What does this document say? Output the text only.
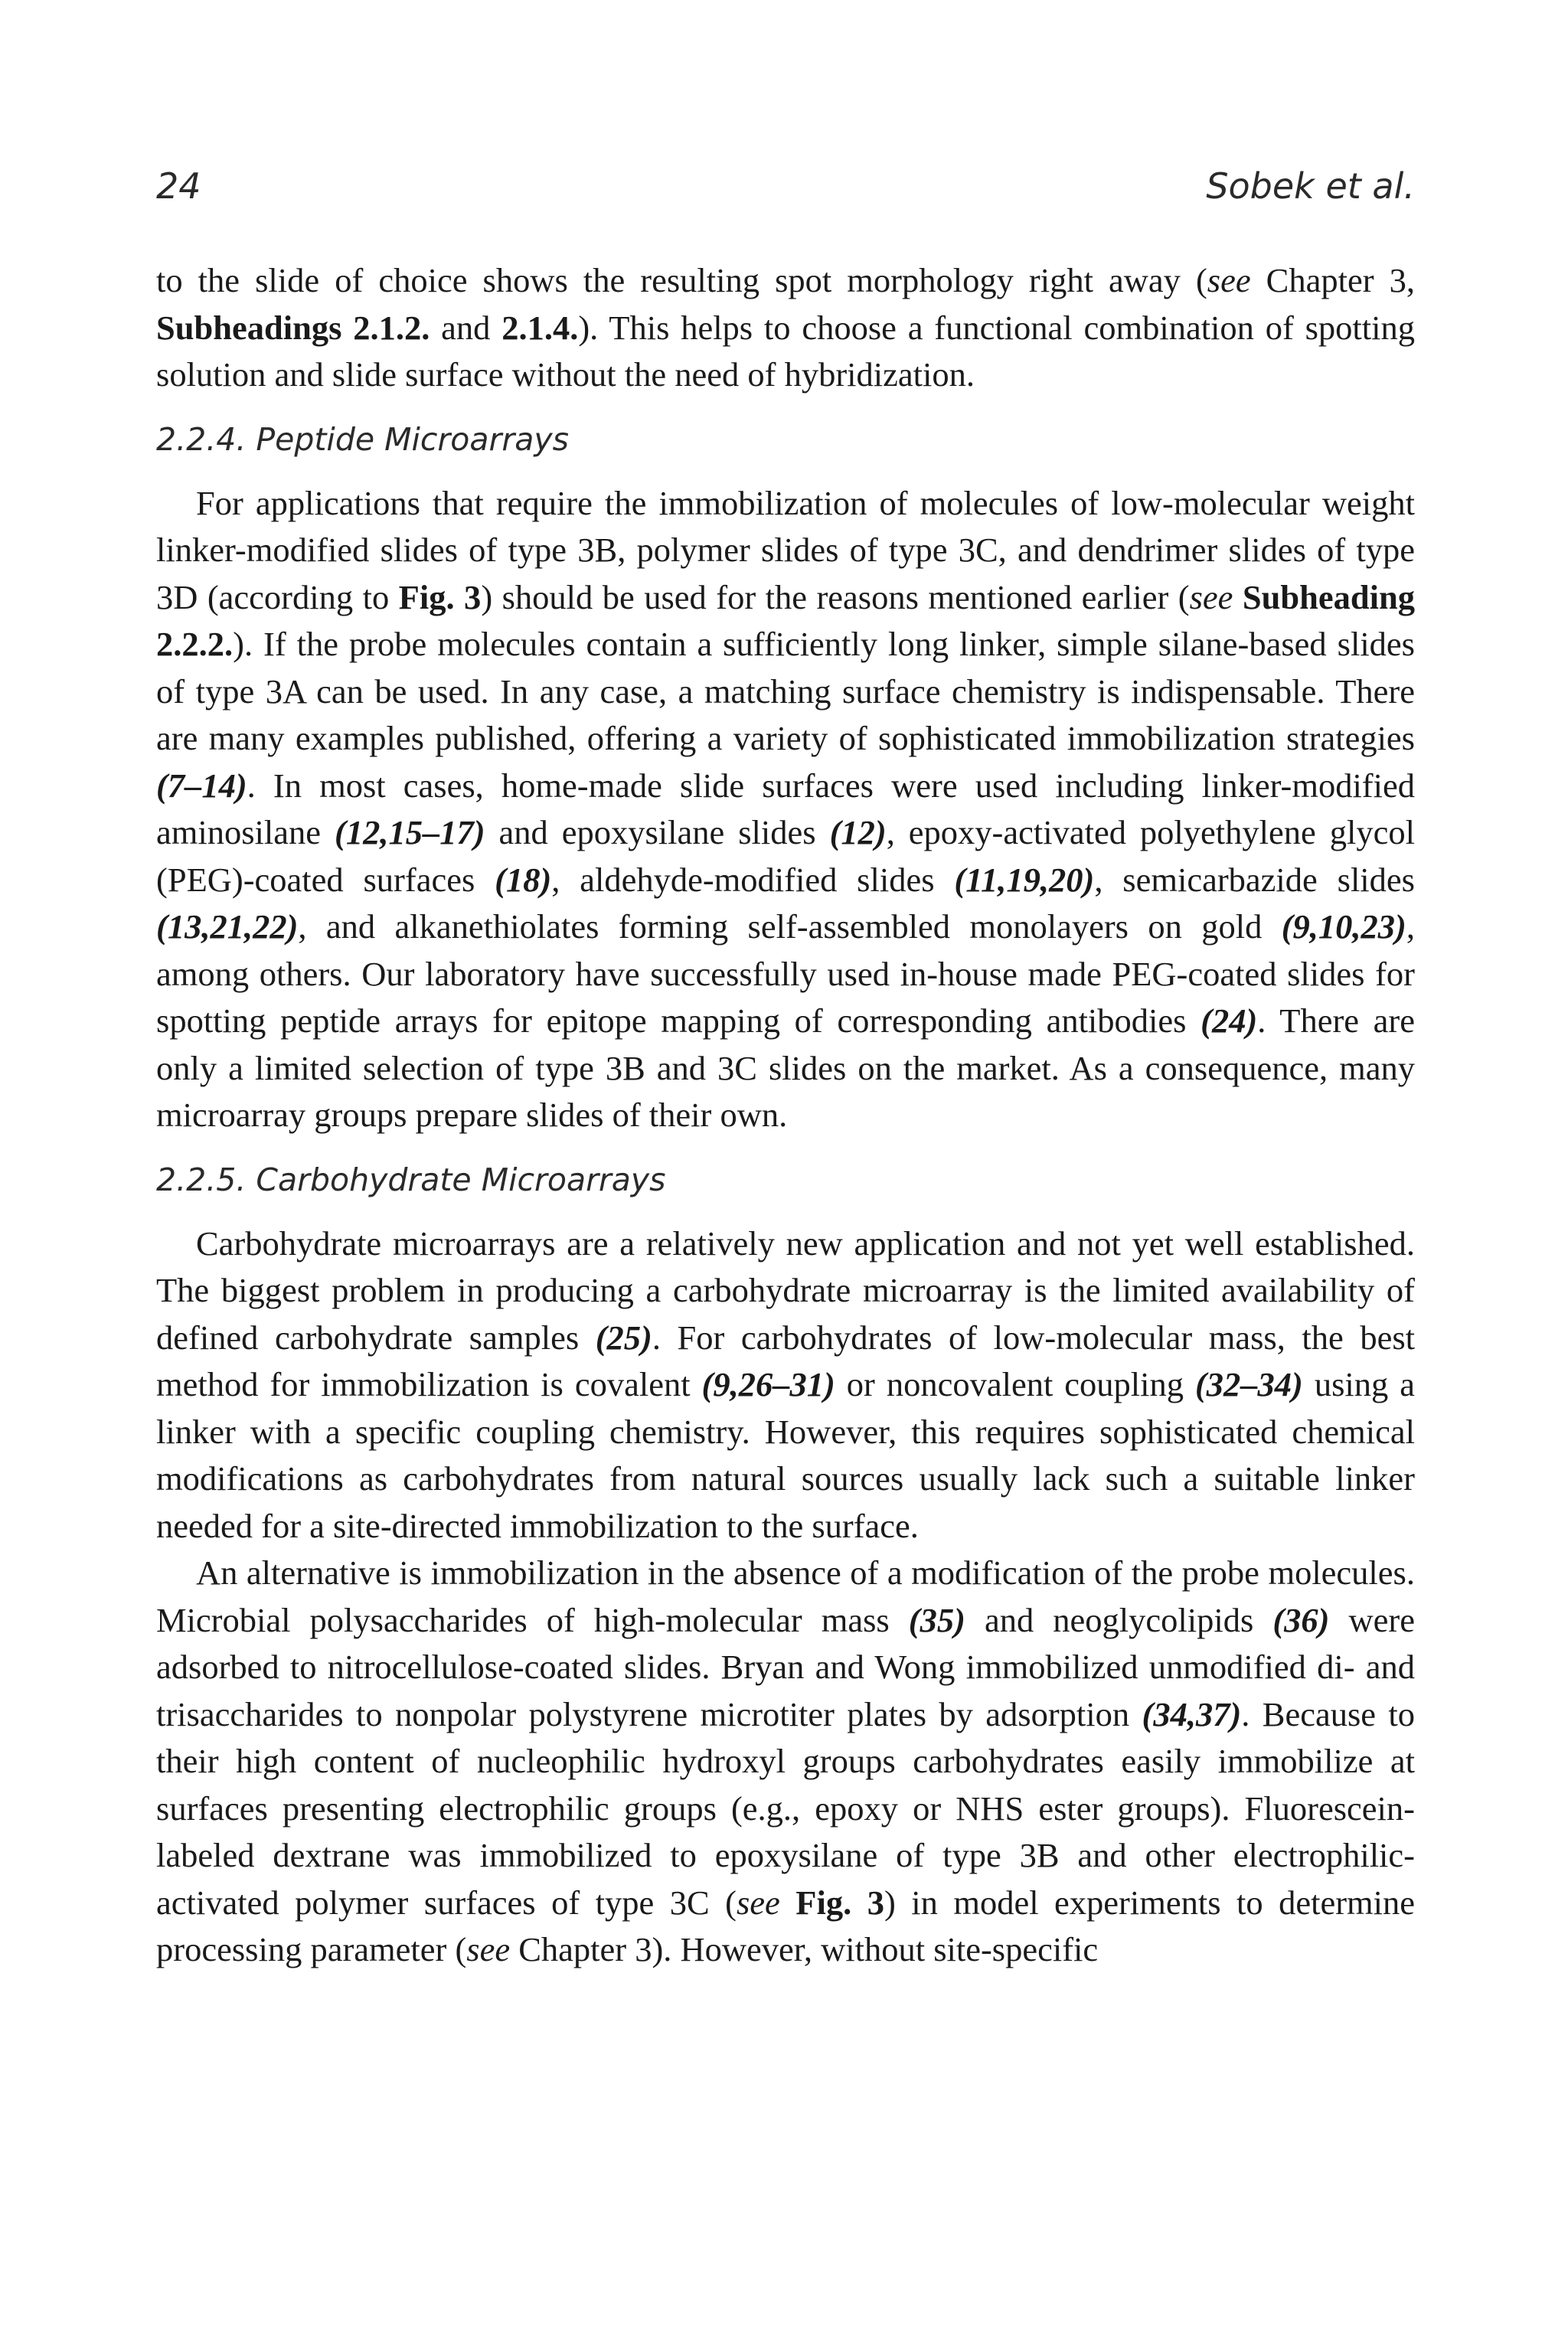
24	Sobek et al.

to the slide of choice shows the resulting spot morphology right away (see Chapter 3, Subheadings 2.1.2. and 2.1.4.). This helps to choose a functional combination of spotting solution and slide surface without the need of hybridization.

2.2.4. Peptide Microarrays

For applications that require the immobilization of molecules of low-molecular weight linker-modified slides of type 3B, polymer slides of type 3C, and dendrimer slides of type 3D (according to Fig. 3) should be used for the reasons mentioned earlier (see Subheading 2.2.2.). If the probe molecules contain a sufficiently long linker, simple silane-based slides of type 3A can be used. In any case, a matching surface chemistry is indispensable. There are many examples published, offering a variety of sophisticated immobilization strategies (7–14). In most cases, home-made slide surfaces were used including linker-modified aminosilane (12,15–17) and epoxysilane slides (12), epoxy-activated polyethylene glycol (PEG)-coated surfaces (18), aldehyde-modified slides (11,19,20), semicarbazide slides (13,21,22), and alkanethiolates forming self-assembled monolayers on gold (9,10,23), among others. Our laboratory have successfully used in-house made PEG-coated slides for spotting peptide arrays for epitope mapping of corresponding antibodies (24). There are only a limited selection of type 3B and 3C slides on the market. As a consequence, many microarray groups prepare slides of their own.

2.2.5. Carbohydrate Microarrays

Carbohydrate microarrays are a relatively new application and not yet well established. The biggest problem in producing a carbohydrate microarray is the limited availability of defined carbohydrate samples (25). For carbohydrates of low-molecular mass, the best method for immobilization is covalent (9,26–31) or noncovalent coupling (32–34) using a linker with a specific coupling chemistry. However, this requires sophisticated chemical modifications as carbohydrates from natural sources usually lack such a suitable linker needed for a site-directed immobilization to the surface.

An alternative is immobilization in the absence of a modification of the probe molecules. Microbial polysaccharides of high-molecular mass (35) and neoglycolipids (36) were adsorbed to nitrocellulose-coated slides. Bryan and Wong immobilized unmodified di- and trisaccharides to nonpolar polystyrene microtiter plates by adsorption (34,37). Because to their high content of nucleophilic hydroxyl groups carbohydrates easily immobilize at surfaces presenting electrophilic groups (e.g., epoxy or NHS ester groups). Fluorescein-labeled dextrane was immobilized to epoxysilane of type 3B and other electrophilic-activated polymer surfaces of type 3C (see Fig. 3) in model experiments to determine processing parameter (see Chapter 3). However, without site-specific
